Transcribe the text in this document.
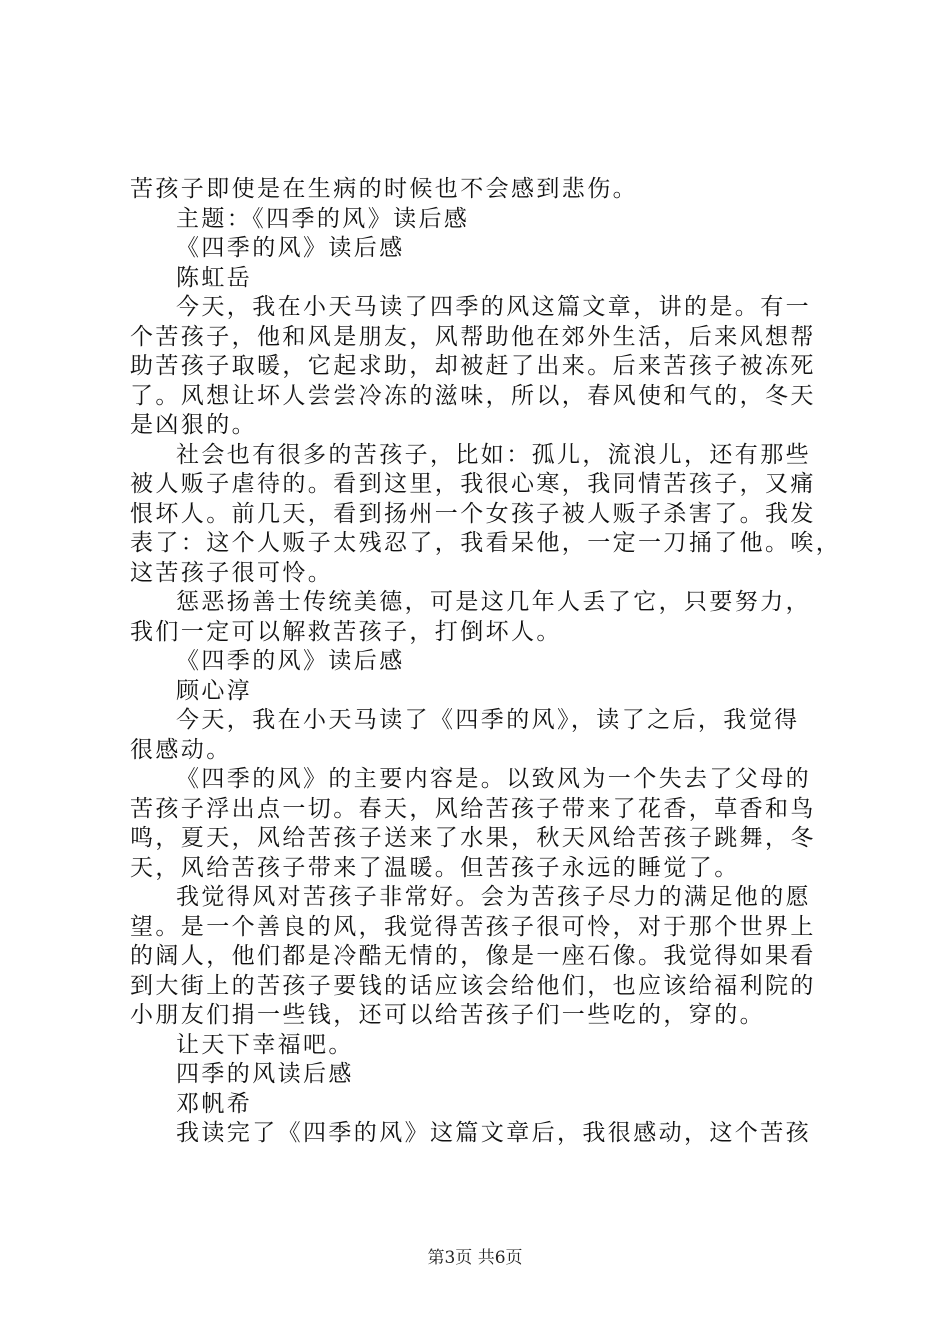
苦孩子即使是在生病的时候也不会感到悲伤。
主题：《四季的风》读后感
《四季的风》读后感
陈虹岳
今天，我在小天马读了四季的风这篇文章，讲的是。有一
个苦孩子，他和风是朋友，风帮助他在郊外生活，后来风想帮
助苦孩子取暖，它起求助，却被赶了出来。后来苦孩子被冻死
了。风想让坏人尝尝冷冻的滋味，所以，春风使和气的，冬天
是凶狠的。
社会也有很多的苦孩子，比如：孤儿，流浪儿，还有那些
被人贩子虐待的。看到这里，我很心寒，我同情苦孩子，又痛
恨坏人。前几天，看到扬州一个女孩子被人贩子杀害了。我发
表了：这个人贩子太残忍了，我看呆他，一定一刀捅了他。唉，
这苦孩子很可怜。
惩恶扬善士传统美德，可是这几年人丢了它，只要努力，
我们一定可以解救苦孩子，打倒坏人。
《四季的风》读后感
顾心淳
今天，我在小天马读了《四季的风》，读了之后，我觉得
很感动。
《四季的风》的主要内容是。以致风为一个失去了父母的
苦孩子浮出点一切。春天，风给苦孩子带来了花香，草香和鸟
鸣，夏天，风给苦孩子送来了水果，秋天风给苦孩子跳舞，冬
天，风给苦孩子带来了温暖。但苦孩子永远的睡觉了。
我觉得风对苦孩子非常好。会为苦孩子尽力的满足他的愿
望。是一个善良的风，我觉得苦孩子很可怜，对于那个世界上
的阔人，他们都是冷酷无情的，像是一座石像。我觉得如果看
到大街上的苦孩子要钱的话应该会给他们，也应该给福利院的
小朋友们捐一些钱，还可以给苦孩子们一些吃的，穿的。
让天下幸福吧。
四季的风读后感
邓帆希
我读完了《四季的风》这篇文章后，我很感动，这个苦孩
第3页 共6页
